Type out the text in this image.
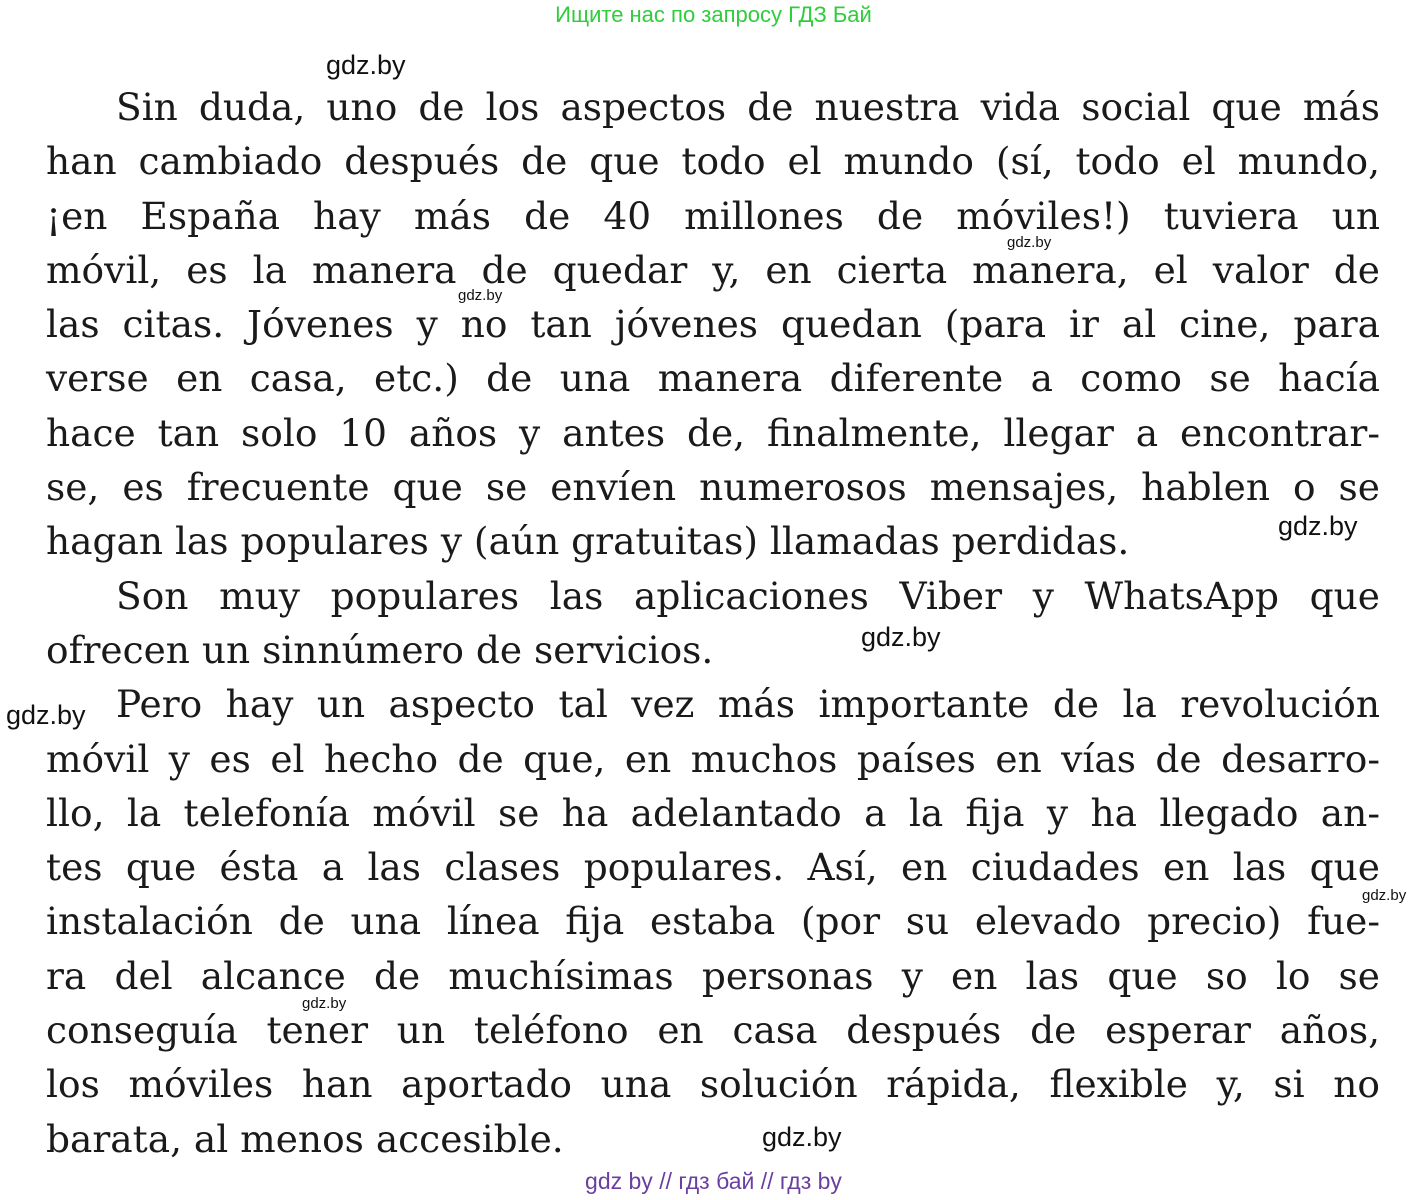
Ищите нас по запросу ГДЗ Бай
Sin duda, uno de los aspectos de nuestra vida social que más
han cambiado después de que todo el mundo (sí, todo el mundo,
¡en España hay más de 40 millones de móviles!) tuviera un
móvil, es la manera de quedar y, en cierta manera, el valor de
las citas. Jóvenes y no tan jóvenes quedan (para ir al cine, para
verse en casa, etc.) de una manera diferente a como se hacía
hace tan solo 10 años y antes de, finalmente, llegar a encontrar-
se, es frecuente que se envíen numerosos mensajes, hablen o se
hagan las populares y (aún gratuitas) llamadas perdidas.
Son muy populares las aplicaciones Viber y WhatsApp que
ofrecen un sinnúmero de servicios.
Pero hay un aspecto tal vez más importante de la revolución
móvil y es el hecho de que, en muchos países en vías de desarro-
llo, la telefonía móvil se ha adelantado a la fija y ha llegado an-
tes que ésta a las clases populares. Así, en ciudades en las que
instalación de una línea fija estaba (por su elevado precio) fue-
ra del alcance de muchísimas personas y en las que so lo se
conseguía tener un teléfono en casa después de esperar años,
los móviles han aportado una solución rápida, flexible y, si no
barata, al menos accesible.
gdz.by
gdz.by
gdz.by
gdz.by
gdz.by
gdz.by
gdz.by
gdz.by
gdz.by
gdz by // гдз бай // гдз by
